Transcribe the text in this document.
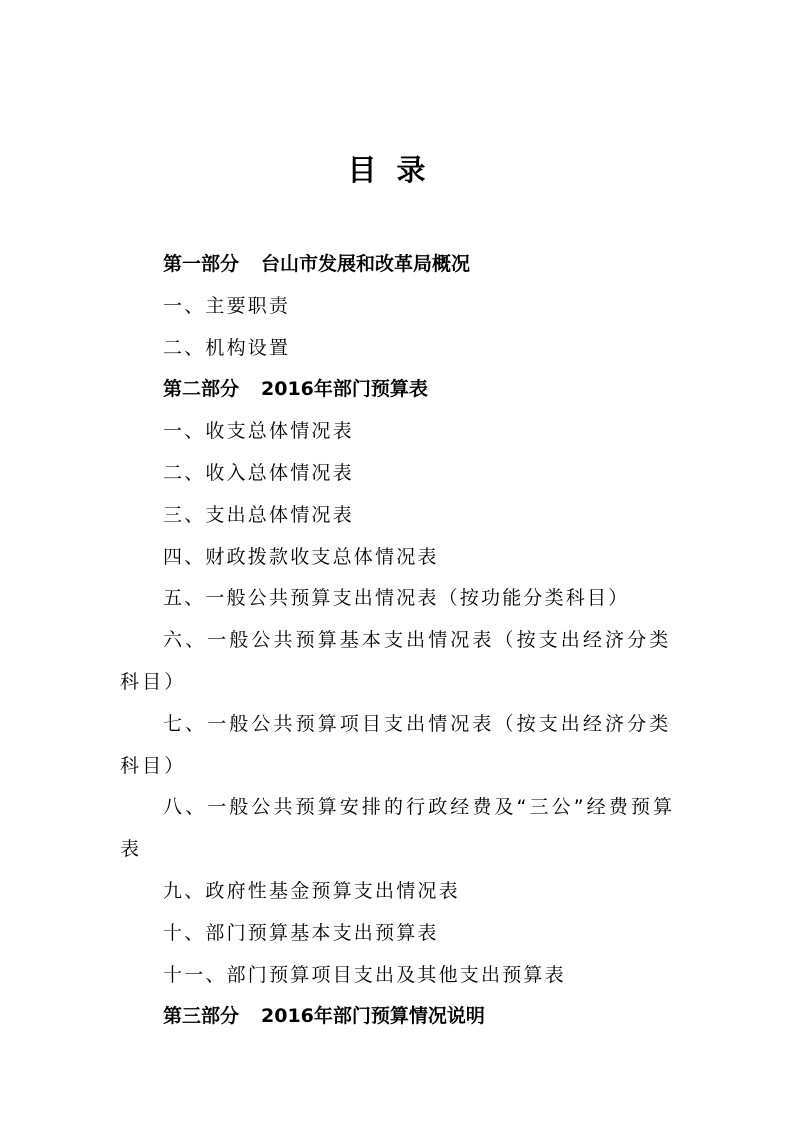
目录
第一部分 台山市发展和改革局概况
一、主要职责
二、机构设置
第二部分 2016年部门预算表
一、收支总体情况表
二、收入总体情况表
三、支出总体情况表
四、财政拨款收支总体情况表
五、一般公共预算支出情况表（按功能分类科目）
六、一般公共预算基本支出情况表（按支出经济分类科目）
七、一般公共预算项目支出情况表（按支出经济分类科目）
八、一般公共预算安排的行政经费及“三公”经费预算表
九、政府性基金预算支出情况表
十、部门预算基本支出预算表
十一、部门预算项目支出及其他支出预算表
第三部分 2016年部门预算情况说明
